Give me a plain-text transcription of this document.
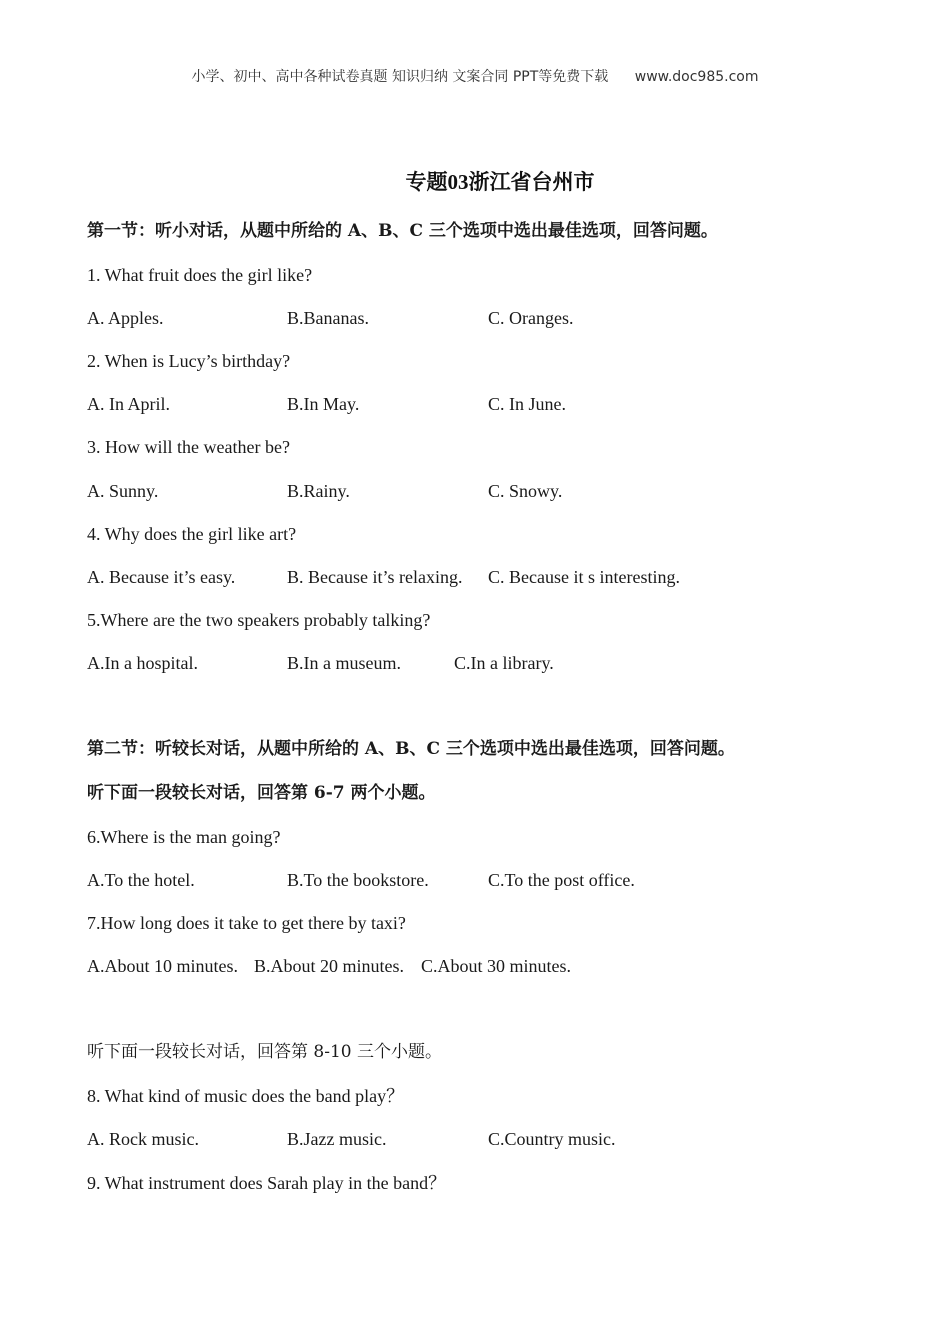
小学、初中、高中各种试卷真题 知识归纳 文案合同 PPT等免费下载 www.doc985.com
专题03浙江省台州市
第一节：听小对话，从题中所给的 A、B、C 三个选项中选出最佳选项，回答问题。
1. What fruit does the girl like?
A. Apples.	B.Bananas.	C. Oranges.
2. When is Lucy’s birthday?
A. In April.	B.In May.	C. In June.
3. How will the weather be?
A. Sunny.	B.Rainy.	C. Snowy.
4. Why does the girl like art?
A. Because it’s easy.	B. Because it’s relaxing. C. Because it s interesting.
5.Where are the two speakers probably talking?
A.In a hospital.	B.In a museum.	C.In a library.
第二节：听较长对话，从题中所给的 A、B、C 三个选项中选出最佳选项，回答问题。
听下面一段较长对话，回答第 6-7 两个小题。
6.Where is the man going?
A.To the hotel.	B.To the bookstore.	C.To the post office.
7.How long does it take to get there by taxi?
A.About 10 minutes. B.About 20 minutes. C.About 30 minutes.
听下面一段较长对话，回答第 8-10 三个小题。
8. What kind of music does the band play？
A. Rock music.	B.Jazz music.	C.Country music.
9. What instrument does Sarah play in the band？
